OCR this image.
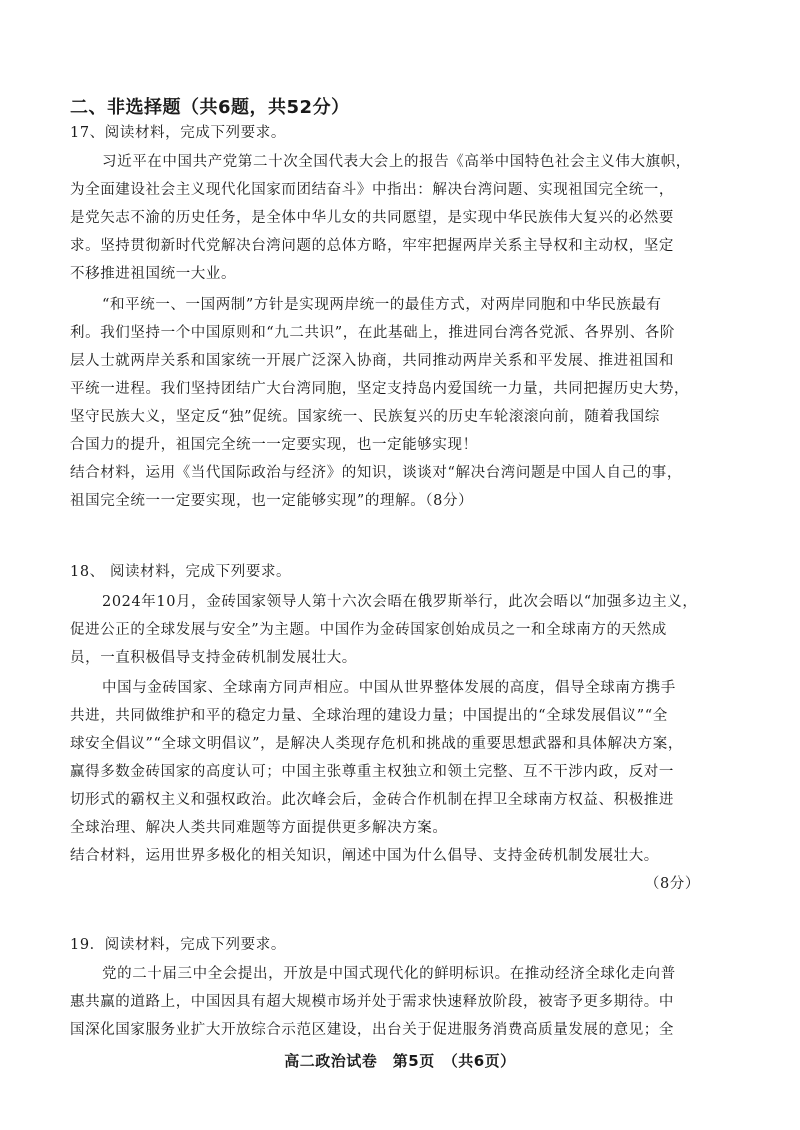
二、非选择题（共6题，共52分）
17、阅读材料，完成下列要求。
习近平在中国共产党第二十次全国代表大会上的报告《高举中国特色社会主义伟大旗帜，
为全面建设社会主义现代化国家而团结奋斗》中指出：解决台湾问题、实现祖国完全统一，
是党矢志不渝的历史任务，是全体中华儿女的共同愿望，是实现中华民族伟大复兴的必然要
求。坚持贯彻新时代党解决台湾问题的总体方略，牢牢把握两岸关系主导权和主动权，坚定
不移推进祖国统一大业。
“和平统一、一国两制”方针是实现两岸统一的最佳方式，对两岸同胞和中华民族最有
利。我们坚持一个中国原则和“九二共识”，在此基础上，推进同台湾各党派、各界别、各阶
层人士就两岸关系和国家统一开展广泛深入协商，共同推动两岸关系和平发展、推进祖国和
平统一进程。我们坚持团结广大台湾同胞，坚定支持岛内爱国统一力量，共同把握历史大势，
坚守民族大义，坚定反“独”促统。国家统一、民族复兴的历史车轮滚滚向前，随着我国综
合国力的提升，祖国完全统一一定要实现，也一定能够实现！
结合材料，运用《当代国际政治与经济》的知识，谈谈对“解决台湾问题是中国人自己的事，
祖国完全统一一定要实现，也一定能够实现”的理解。（8分）
18、 阅读材料，完成下列要求。
2024年10月，金砖国家领导人第十六次会晤在俄罗斯举行，此次会晤以“加强多边主义，
促进公正的全球发展与安全”为主题。中国作为金砖国家创始成员之一和全球南方的天然成
员，一直积极倡导支持金砖机制发展壮大。
中国与金砖国家、全球南方同声相应。中国从世界整体发展的高度，倡导全球南方携手
共进，共同做维护和平的稳定力量、全球治理的建设力量；中国提出的“全球发展倡议”“全
球安全倡议”“全球文明倡议”，是解决人类现存危机和挑战的重要思想武器和具体解决方案，
赢得多数金砖国家的高度认可；中国主张尊重主权独立和领土完整、互不干涉内政，反对一
切形式的霸权主义和强权政治。此次峰会后，金砖合作机制在捍卫全球南方权益、积极推进
全球治理、解决人类共同难题等方面提供更多解决方案。
结合材料，运用世界多极化的相关知识，阐述中国为什么倡导、支持金砖机制发展壮大。
（8分）
19．阅读材料，完成下列要求。
党的二十届三中全会提出，开放是中国式现代化的鲜明标识。在推动经济全球化走向普
惠共赢的道路上，中国因具有超大规模市场并处于需求快速释放阶段，被寄予更多期待。中
国深化国家服务业扩大开放综合示范区建设，出台关于促进服务消费高质量发展的意见；全
高二政治试卷　第5页　（共6页）
